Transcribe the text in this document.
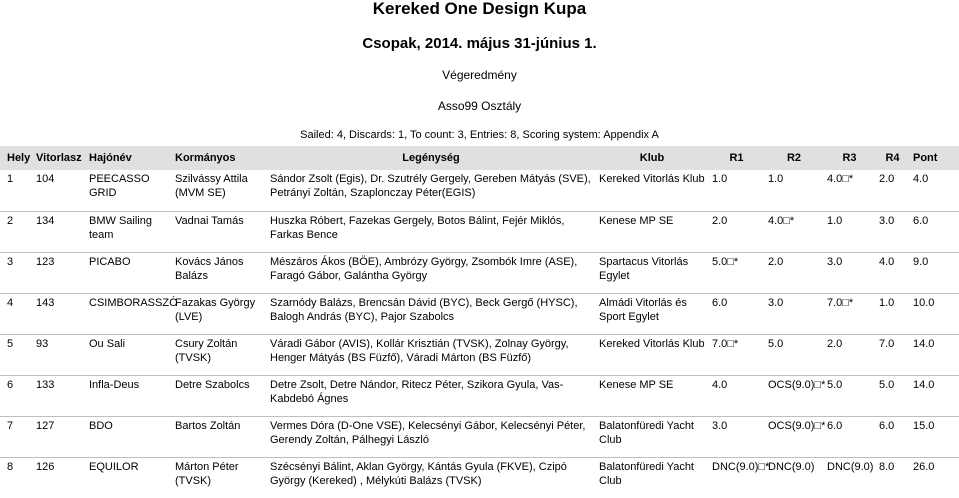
Kereked One Design Kupa
Csopak, 2014. május 31-június 1.
Végeredmény
Asso99 Osztály
Sailed: 4, Discards: 1, To count: 3, Entries: 8, Scoring system: Appendix A
Hely	Vitorlasz	Hajónév	Kormányos	Legénység	Klub	R1	R2	R3	R4	Pont
1	104	PEECASSO GRID	Szilvássy Attila (MVM SE)	Sándor Zsolt (Egis), Dr. Szutrély Gergely, Gereben Mátyás (SVE), Petrányi Zoltán, Szaplonczay Péter(EGIS)	Kereked Vitorlás Klub	1.0	1.0	4.0□*	2.0	4.0
2	134	BMW Sailing team	Vadnai Tamás	Huszka Róbert, Fazekas Gergely, Botos Bálint, Fejér Miklós, Farkas Bence	Kenese MP SE	2.0	4.0□*	1.0	3.0	6.0
3	123	PICABO	Kovács János Balázs	Mészáros Ákos (BÖE), Ambrózy György, Zsombók Imre (ASE), Faragó Gábor, Galántha György	Spartacus Vitorlás Egylet	5.0□*	2.0	3.0	4.0	9.0
4	143	CSIMBORASSZÓ	Fazakas György (LVE)	Szarnódy Balázs, Brencsán Dávid (BYC), Beck Gergő (HYSC), Balogh András (BYC), Pajor Szabolcs	Almádi Vitorlás és Sport Egylet	6.0	3.0	7.0□*	1.0	10.0
5	93	Ou Sali	Csury Zoltán (TVSK)	Váradi Gábor (AVIS), Kollár Krisztián (TVSK), Zolnay György, Henger Mátyás (BS Füzfő), Váradi Márton (BS Füzfő)	Kereked Vitorlás Klub	7.0□*	5.0	2.0	7.0	14.0
6	133	Infla-Deus	Detre Szabolcs	Detre Zsolt, Detre Nándor, Ritecz Péter, Szikora Gyula, Vas-Kabdebó Ágnes	Kenese MP SE	4.0	OCS(9.0)□*	5.0	5.0	14.0
7	127	BDO	Bartos Zoltán	Vermes Dóra (D-One VSE), Kelecsényi Gábor, Kelecsényi Péter, Gerendy Zoltán, Pálhegyi László	Balatonfüredi Yacht Club	3.0	OCS(9.0)□*	6.0	6.0	15.0
8	126	EQUILOR	Márton Péter (TVSK)	Szécsényi Bálint, Aklan György, Kántás Gyula (FKVE), Czipó György (Kereked) , Mélykúti Balázs (TVSK)	Balatonfüredi Yacht Club	DNC(9.0)□*	DNC(9.0)	DNC(9.0)	8.0	26.0
